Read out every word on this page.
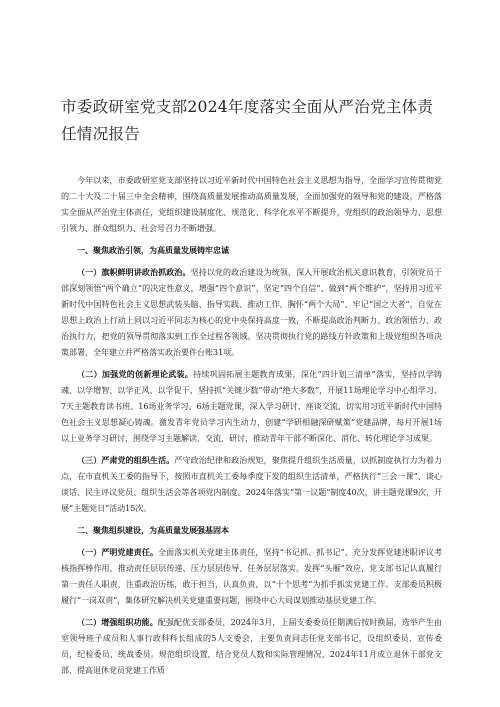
市委政研室党支部2024年度落实全面从严治党主体责任情况报告

今年以来，市委政研室党支部坚持以习近平新时代中国特色社会主义思想为指导，全面学习宣传贯彻党的二十大及二十届三中全会精神，围绕高质量发展推动高质量发展，全面加强党的领导和党的建设，严格落实全面从严治党主体责任，党组织建设制度化、规范化、科学化水平不断提升，党组织的政治领导力、思想引领力、群众组织力、社会号召力不断增强。

一、聚焦政治引领，为高质量发展铸牢忠诚

（一）旗帜鲜明讲政治抓政治。坚持以党的政治建设为统领，深入开展政治机关意识教育，引领党员干部深刻领悟“两个确立”的决定性意义，增强“四个意识”、坚定“四个自信”、做到“两个维护”，坚持用习近平新时代中国特色社会主义思想武装头脑、指导实践、推动工作，胸怀“两个大局”、牢记“国之大者”，自觉在思想上政治上行动上同以习近平同志为核心的党中央保持高度一致，不断提高政治判断力、政治领悟力、政治执行力，把党的领导贯彻落实到工作全过程各领域。坚决贯彻执行党的路线方针政策和上级党组织各项决策部署，全年建立并严格落实政治要件台账31项。

（二）加强党的创新理论武装。持续巩固拓展主题教育成果，深化“四计划三清单”落实，坚持以学铸魂、以学增智、以学正风、以学促干，坚持抓“关键少数”带动“绝大多数”，开展11场理论学习中心组学习、7天主题教育读书班、16场业务学习、6场主题党课，深入学习研讨、座谈交流，切实用习近平新时代中国特色社会主义思想凝心铸魂。激发青年党员学习内生动力，创建“学研相融深研赋策”党建品牌，每月开展1场以上业务学习研讨，围绕学习主题解读、交流、研讨，推动青年干部不断深化、消化、转化理论学习成果。

（三）严肃党的组织生活。严守政治纪律和政治规矩，聚焦提升组织生活质量，以抓制度执行力为着力点，在市直机关工委的指导下，按照市直机关工委每季度下发的组织生活清单，严格执行“三会一课”、谈心谈话、民主评议党员、组织生活会等各项党内制度。2024年落实“第一议题”制度40次，讲主题党课9次，开展“主题党日”活动15次。

二、聚焦组织建设，为高质量发展强基固本

（一）严明党建责任。全面落实机关党建主体责任，坚持“书记抓、抓书记”，充分发挥党建述职评议考核指挥棒作用，推动责任层层传递、压力层层传导、任务层层落实。发挥“头雁”效应，党支部书记认真履行第一责任人职责，注重政治历练，敢于担当，认真负责，以“十个思考”为抓手抓实党建工作。支部委员积极履行“一岗双责”，集体研究解决机关党建重要问题，围绕中心大局谋划推动基层党建工作。

（二）增强组织功能。配强配优支部委员，2024年3月，上届支委委员任期满后按时换届，选举产生由室领导班子成员和人事行政科科长组成的5人支委会，主要负责同志任党支部书记，设组织委员、宣传委员，纪检委员、统战委员。规范组织设置，结合党员人数和实际管理情况，2024年11月成立退休干部党支部，提高退休党员党建工作质
